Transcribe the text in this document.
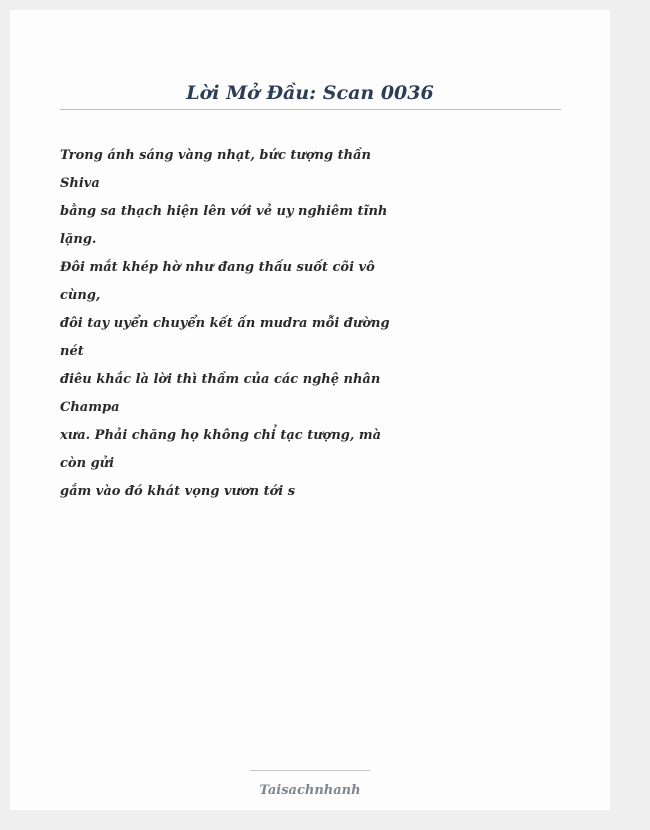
Lời Mở Đầu: Scan 0036

Trong ánh sáng vàng nhạt, bức tượng thần

Shiva

bằng sa thạch hiện lên với vẻ uy nghiêm tĩnh

lặng.

Đôi mắt khép hờ như đang thấu suốt cõi vô

cùng,

đôi tay uyển chuyển kết ấn mudra mỗi đường

nét

điêu khắc là lời thì thầm của các nghệ nhân

Champa

xưa. Phải chăng họ không chỉ tạc tượng, mà

còn gửi

gắm vào đó khát vọng vươn tới s

Taisachnhanh
